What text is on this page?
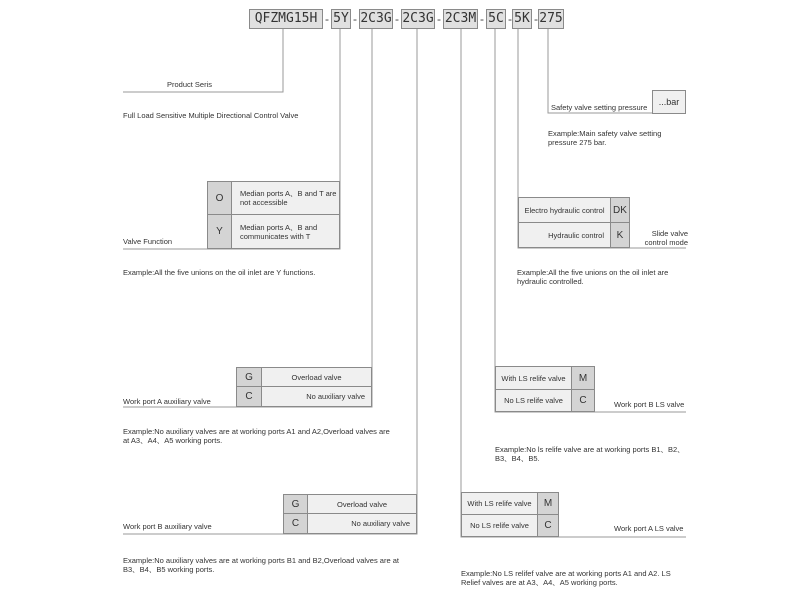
QFZMG15H - 5Y - 2C3G - 2C3G - 2C3M - 5C - 5K - 275
Product Seris
Full Load Sensitive Multiple Directional Control Valve
Safety valve setting pressure
...bar
Example:Main safety valve setting pressure 275 bar.
Electro hydraulic control DK
Hydraulic control	K	Slide valve control mode
Example:All the five unions on the oil inlet are hydraulic controlled.
O	Median ports A、B and T are not accessible
Y	Median ports A、B and communicates with T
Valve Function
Example:All the five unions on the oil inlet are Y functions.
G	Overload valve
C	No auxiliary valve
Work port A auxiliary valve
Example:No auxiliary valves are at working ports A1 and A2,Overload valves are at A3、A4、A5 working ports.
With LS relife valve	M
No LS relife valve	C	Work port B LS valve
Example:No ls relife valve are at working ports B1、B2、B3、B4、B5.
G	Overload valve
C	No auxiliary valve
Work port B auxiliary valve
Example:No auxiliary valves are at working ports B1 and B2,Overload valves are at B3、B4、B5 working ports.
With LS relife valve	M
No LS relife valve	C	Work port A LS valve
Example:No LS relifef valve are at working ports A1 and A2. LS Relief valves are at A3、A4、A5 working ports.
